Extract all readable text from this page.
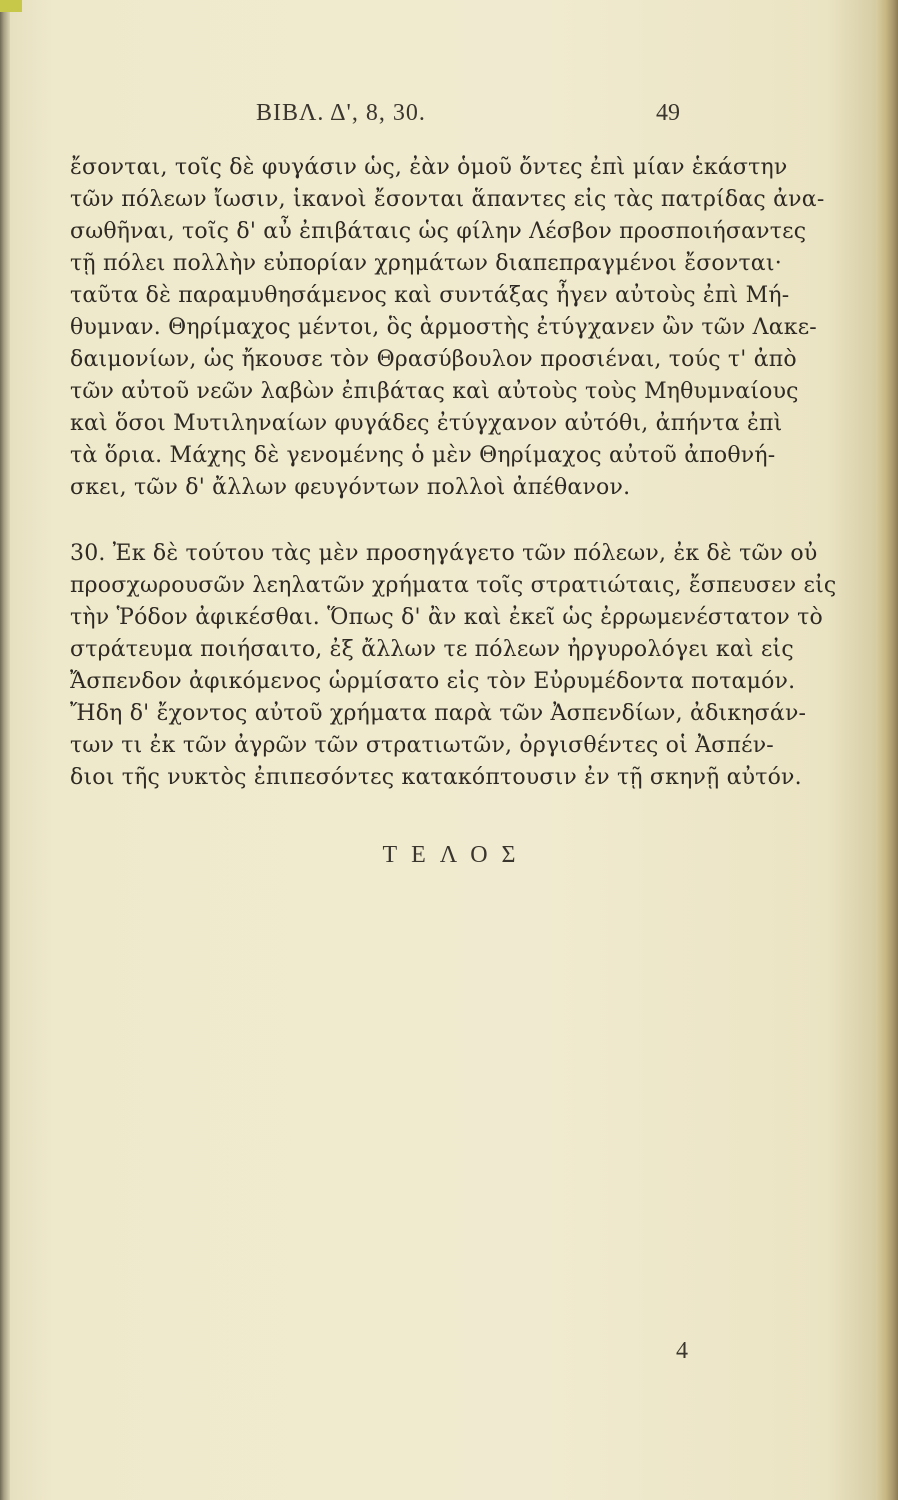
ΒΙΒΛ. Δ', 8, 30.	49
ἔσονται, τοῖς δὲ φυγάσιν ὡς, ἐὰν ὁμοῦ ὄντες ἐπὶ μίαν ἑκάστην
τῶν πόλεων ἴωσιν, ἱκανοὶ ἔσονται ἅπαντες εἰς τὰς πατρίδας ἀνα-
σωθῆναι, τοῖς δ' αὖ ἐπιβάταις ὡς φίλην Λέσβον προσποιήσαντες
τῇ πόλει πολλὴν εὐπορίαν χρημάτων διαπεπραγμένοι ἔσονται·
ταῦτα δὲ παραμυθησάμενος καὶ συντάξας ἦγεν αὐτοὺς ἐπὶ Μή-
θυμναν. Θηρίμαχος μέντοι, ὃς ἁρμοστὴς ἐτύγχανεν ὢν τῶν Λακε-
δαιμονίων, ὡς ἤκουσε τὸν Θρασύβουλον προσιέναι, τούς τ' ἀπὸ
τῶν αὐτοῦ νεῶν λαβὼν ἐπιβάτας καὶ αὐτοὺς τοὺς Μηθυμναίους
καὶ ὅσοι Μυτιληναίων φυγάδες ἐτύγχανον αὐτόθι, ἀπήντα ἐπὶ
τὰ ὅρια. Μάχης δὲ γενομένης ὁ μὲν Θηρίμαχος αὐτοῦ ἀποθνή-
σκει, τῶν δ' ἄλλων φευγόντων πολλοὶ ἀπέθανον.
30. Ἐκ δὲ τούτου τὰς μὲν προσηγάγετο τῶν πόλεων, ἐκ δὲ τῶν οὐ
προσχωρουσῶν λεηλατῶν χρήματα τοῖς στρατιώταις, ἔσπευσεν εἰς
τὴν Ῥόδον ἀφικέσθαι. Ὅπως δ' ἂν καὶ ἐκεῖ ὡς ἐρρωμενέστατον τὸ
στράτευμα ποιήσαιτο, ἐξ ἄλλων τε πόλεων ἠργυρολόγει καὶ εἰς
Ἄσπενδον ἀφικόμενος ὡρμίσατο εἰς τὸν Εὐρυμέδοντα ποταμόν.
Ἤδη δ' ἔχοντος αὐτοῦ χρήματα παρὰ τῶν Ἀσπενδίων, ἀδικησάν-
των τι ἐκ τῶν ἀγρῶν τῶν στρατιωτῶν, ὀργισθέντες οἱ Ἀσπέν-
διοι τῆς νυκτὸς ἐπιπεσόντες κατακόπτουσιν ἐν τῇ σκηνῇ αὐτόν.
ΤΕΛΟΣ
4
